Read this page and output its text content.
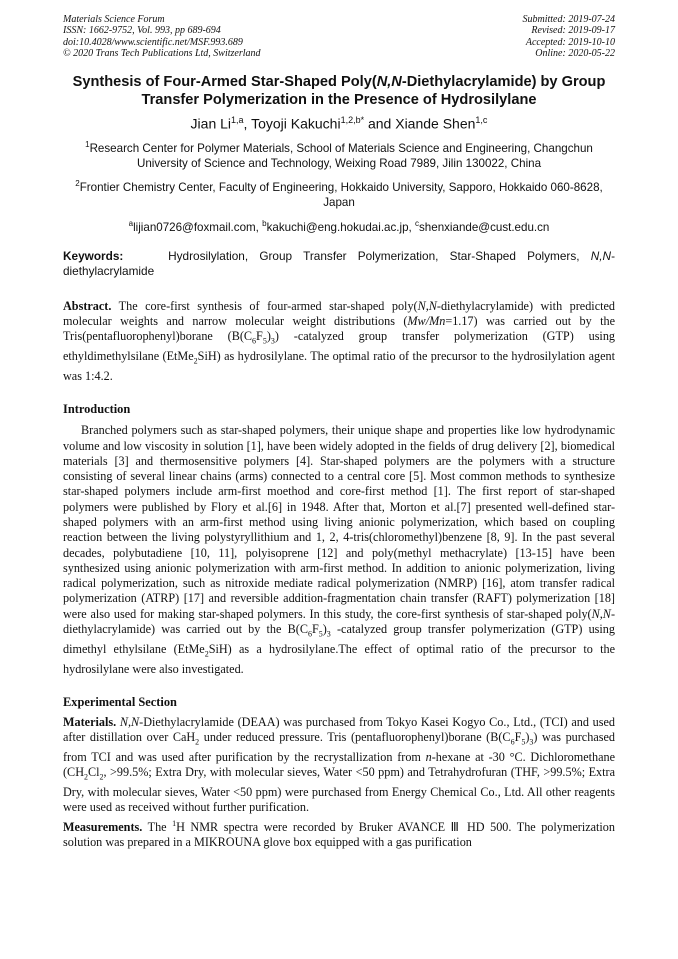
Materials Science Forum
ISSN: 1662-9752, Vol. 993, pp 689-694
doi:10.4028/www.scientific.net/MSF.993.689
© 2020 Trans Tech Publications Ltd, Switzerland
Submitted: 2019-07-24
Revised: 2019-09-17
Accepted: 2019-10-10
Online: 2020-05-22
Synthesis of Four-Armed Star-Shaped Poly(N,N-Diethylacrylamide) by Group Transfer Polymerization in the Presence of Hydrosilylane
Jian Li$^{1,a}$, Toyoji Kakuchi$^{1,2,b*}$ and Xiande Shen$^{1,c}$
$^1$Research Center for Polymer Materials, School of Materials Science and Engineering, Changchun University of Science and Technology, Weixing Road 7989, Jilin 130022, China
$^2$Frontier Chemistry Center, Faculty of Engineering, Hokkaido University, Sapporo, Hokkaido 060-8628, Japan
$^a$lijian0726@foxmail.com, $^b$kakuchi@eng.hokudai.ac.jp, $^c$shenxiande@cust.edu.cn
Keywords:	Hydrosilylation, Group Transfer Polymerization, Star-Shaped Polymers, N,N-diethylacrylamide

Abstract. The core-first synthesis of four-armed star-shaped poly(N,N-diethylacrylamide) with predicted molecular weights and narrow molecular weight distributions (Mw/Mn=1.17) was carried out by the Tris(pentafluorophenyl)borane $(B(C_6F_5)_3)$ -catalyzed group transfer polymerization (GTP) using ethyldimethylsilane (EtMe$_2$SiH) as hydrosilylane. The optimal ratio of the precursor to the hydrosilylation agent was 1:4.2.

Introduction

Branched polymers such as star-shaped polymers, their unique shape and properties like low hydrodynamic volume and low viscosity in solution [1], have been widely adopted in the fields of drug delivery [2], biomedical materials [3] and thermosensitive polymers [4]. Star-shaped polymers are the polymers with a structure consisting of several linear chains (arms) connected to a central core [5]. Most common methods to synthesize star-shaped polymers include arm-first moethod and core-first method [1]. The first report of star-shaped polymers were published by Flory et al.[6] in 1948. After that, Morton et al.[7] presented well-defined star-shaped polymers with an arm-first method using living anionic polymerization, which based on coupling reaction between the living polystyryllithium and 1, 2, 4-tris(chloromethyl)benzene [8, 9]. In the past several decades, polybutadiene [10, 11], polyisoprene [12] and poly(methyl methacrylate) [13-15] have been synthesized using anionic polymerization with arm-first method. In addition to anionic polymerization, living radical polymerization, such as nitroxide mediate radical polymerization (NMRP) [16], atom transfer radical polymerization (ATRP) [17] and reversible addition-fragmentation chain transfer (RAFT) polymerization [18] were also used for making star-shaped polymers. In this study, the core-first synthesis of star-shaped poly(N,N-diethylacrylamide) was carried out by the $B(C_6F_5)_3$ -catalyzed group transfer polymerization (GTP) using dimethyl ethylsilane (EtMe$_2$SiH) as a hydrosilylane.The effect of optimal ratio of the precursor to the hydrosilylane were also investigated.

Experimental Section

Materials. N,N-Diethylacrylamide (DEAA) was purchased from Tokyo Kasei Kogyo Co., Ltd., (TCI) and used after distillation over CaH$_2$ under reduced pressure. Tris (pentafluorophenyl)borane $(B(C_6F_5)_3)$ was purchased from TCI and was used after purification by the recrystallization from n-hexane at -30 °C. Dichloromethane ($CH_2Cl_2$, >99.5%; Extra Dry, with molecular sieves, Water <50 ppm) and Tetrahydrofuran (THF, >99.5%; Extra Dry, with molecular sieves, Water <50 ppm) were purchased from Energy Chemical Co., Ltd. All other reagents were used as received without further purification.

Measurements. The $^1$H NMR spectra were recorded by Bruker AVANCE Ⅲ HD 500. The polymerization solution was prepared in a MIKROUNA glove box equipped with a gas purification
